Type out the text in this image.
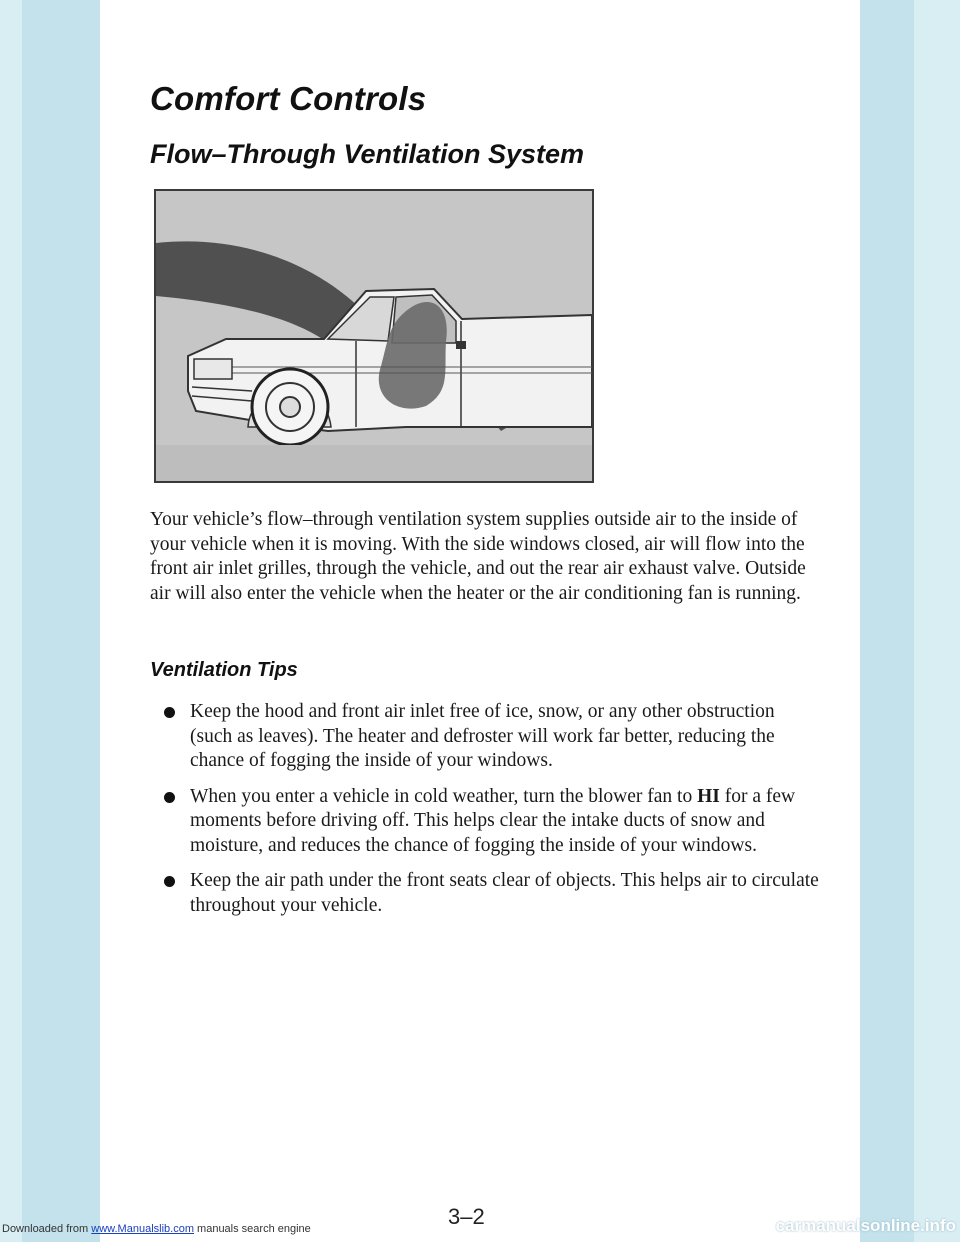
Comfort Controls
Flow–Through Ventilation System

Your vehicle’s flow–through ventilation system supplies outside air to the inside of your vehicle when it is moving. With the side windows closed, air will flow into the front air inlet grilles, through the vehicle, and out the rear air exhaust valve. Outside air will also enter the vehicle when the heater or the air conditioning fan is running.

Ventilation Tips
Keep the hood and front air inlet free of ice, snow, or any other obstruction (such as leaves). The heater and defroster will work far better, reducing the chance of fogging the inside of your windows.
When you enter a vehicle in cold weather, turn the blower fan to HI for a few moments before driving off. This helps clear the intake ducts of snow and moisture, and reduces the chance of fogging the inside of your windows.
Keep the air path under the front seats clear of objects. This helps air to circulate throughout your vehicle.

3–2

Downloaded from www.Manualslib.com manuals search engine	carmanualsonline.info
